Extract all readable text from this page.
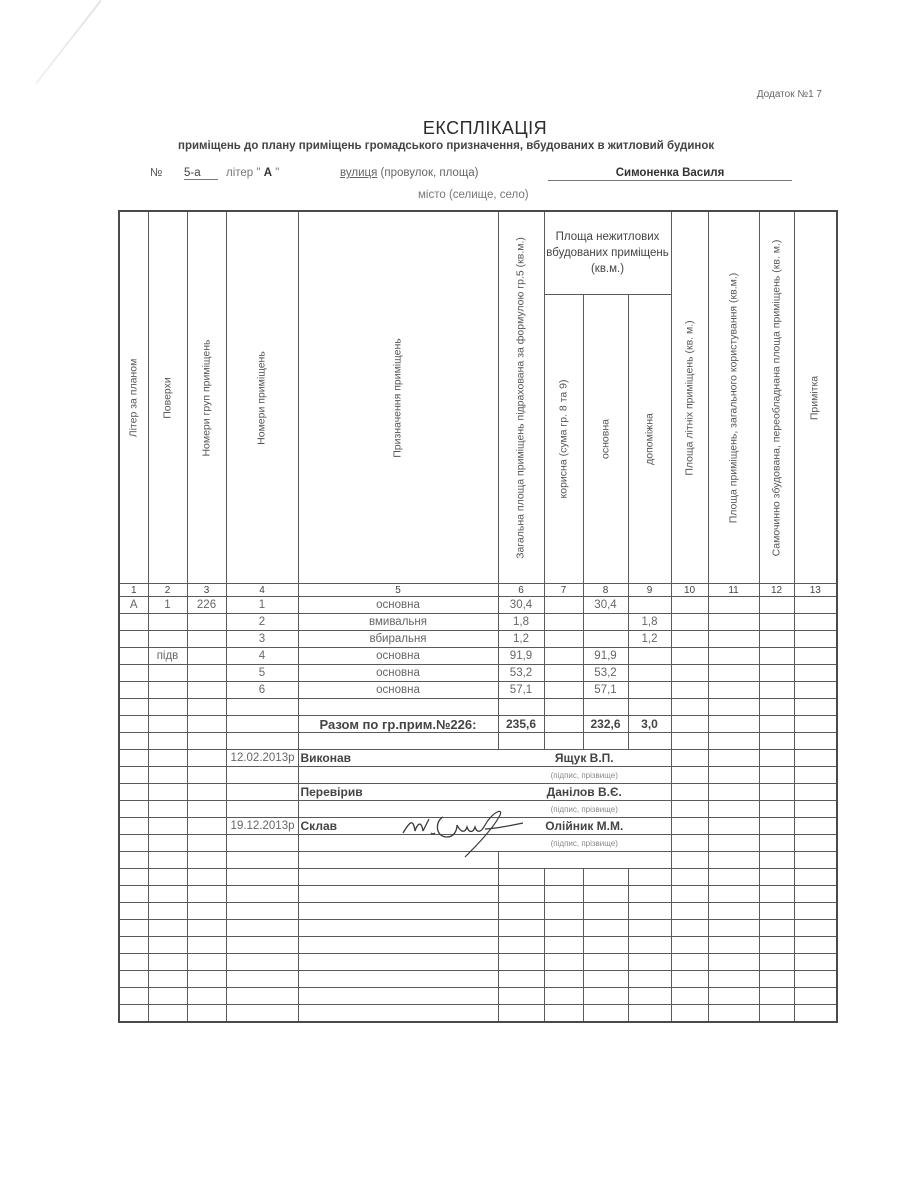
Додаток №1 7
ЕКСПЛІКАЦІЯ
приміщень до плану приміщень громадського призначення, вбудованих в житловий будинок
№ 5-а	літер " А "	вулиця (провулок, площа)	Симоненка Василя
місто (селище, село)
Літер за планом	Поверхи	Номери груп приміщень	Номери приміщень	Призначення приміщень	Загальна площа приміщень підрахована за формулою гр.5 (кв.м.)	Площа нежитлових вбудованих приміщень (кв.м.)			Площа літніх приміщень (кв. м.)	Площа приміщень, загального користування (кв.м.)	Самочинно збудована, переобладнана площа приміщень (кв. м.)	Примітка

						корисна (сума гр. 8 та 9)	основна	допоміжна				

1	2	3	4	5	6	7	8	9	10	11	12	13
А	1	226	1	основна	30,4		30,4					
			2	вмивальня	1,8			1,8				
			3	вбиральня	1,2			1,2				
	підв		4	основна	91,9		91,9					
			5	основна	53,2		53,2					
			6	основна	57,1		57,1					

				Разом по гр.прим.№226:	235,6		232,6	3,0				

			12.02.2013р	Виконав	Ящук В.П.							
					(підпис, прізвище)							
				Перевірив	Данілов В.Є.							
					(підпис, прізвище)							
			19.12.2013р	Склав	Олійник М.М.							
					(підпис, прізвище)							
